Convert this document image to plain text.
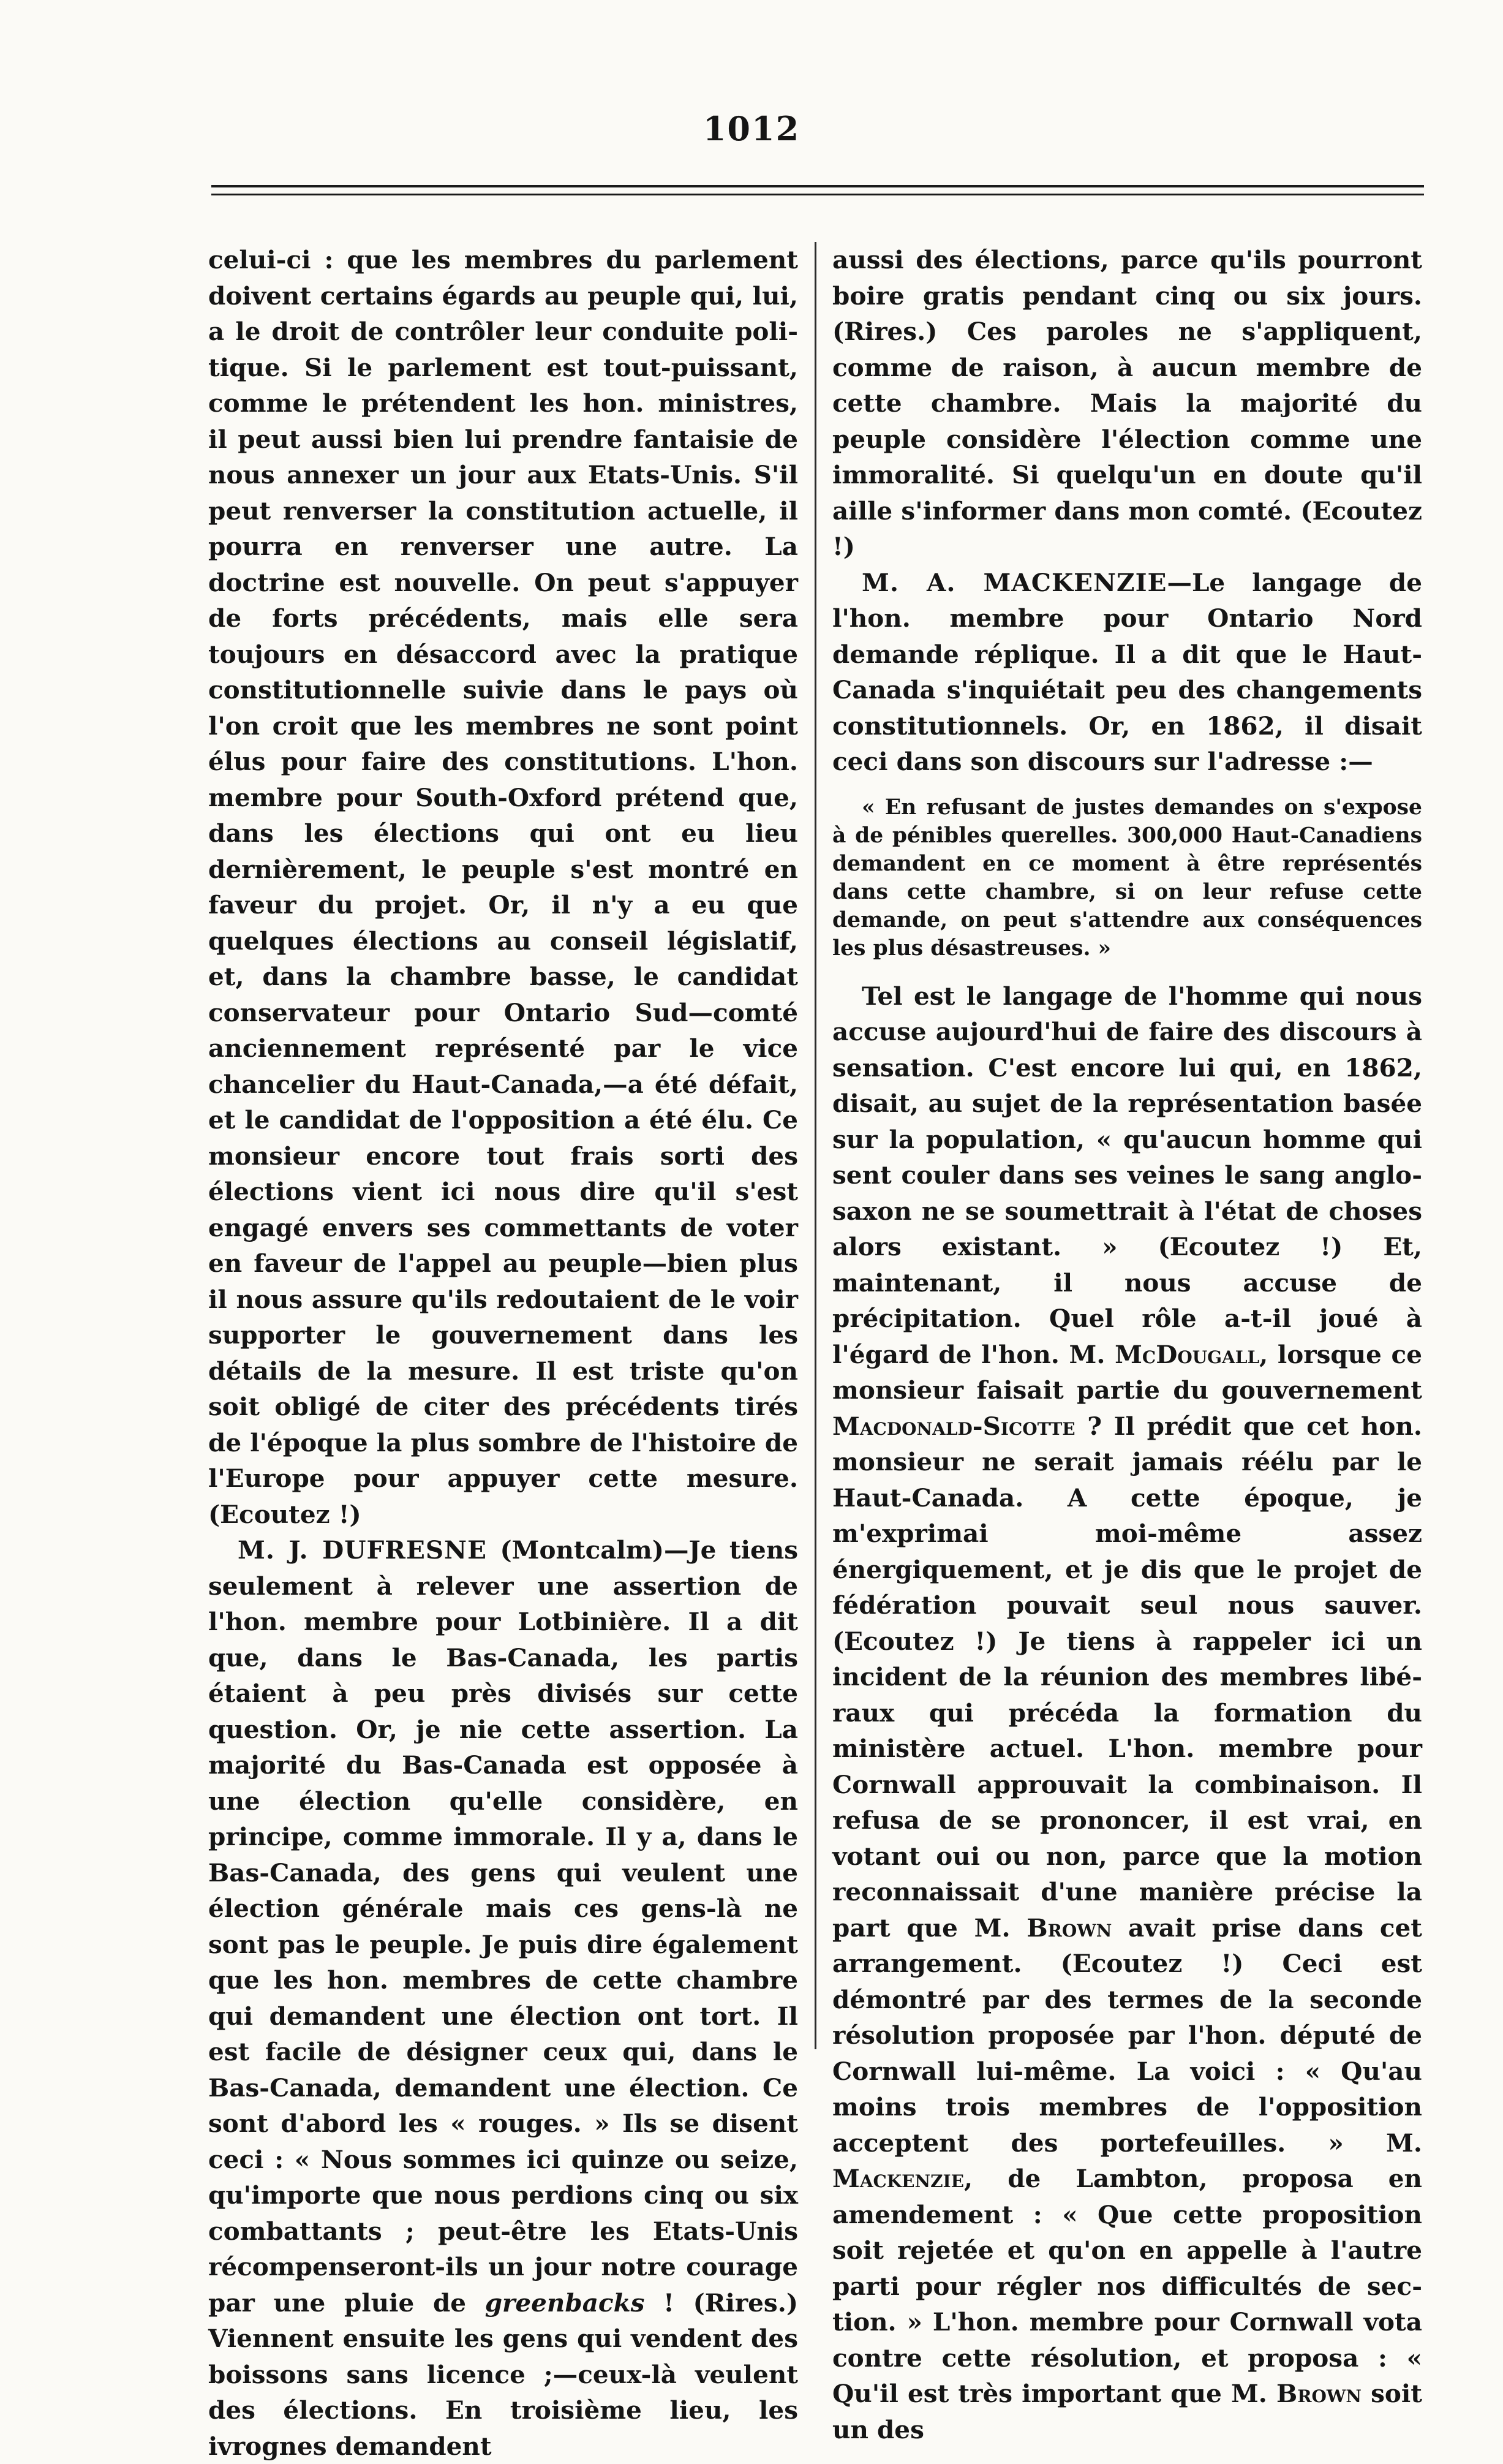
1012

celui-ci : que les membres du parlement doivent certains égards au peuple qui, lui, a le droit de contrôler leur conduite politique. Si le parlement est tout-puissant, comme le prétendent les hon. ministres, il peut aussi bien lui prendre fantaisie de nous annexer un jour aux Etats-Unis. S'il peut renverser la constitution actuelle, il pourra en renverser une autre. La doctrine est nouvelle. On peut s'appuyer de forts précédents, mais elle sera toujours en désaccord avec la pratique constitutionnelle suivie dans le pays où l'on croit que les membres ne sont point élus pour faire des constitutions. L'hon. membre pour South-Oxford prétend que, dans les élections qui ont eu lieu dernièrement, le peuple s'est montré en faveur du projet. Or, il n'y a eu que quelques élections au conseil législatif, et, dans la chambre basse, le candidat conservateur pour Ontario Sud—comté anciennement représenté par le vice chancelier du Haut-Canada,—a été défait, et le candidat de l'opposition a été élu. Ce monsieur encore tout frais sorti des élections vient ici nous dire qu'il s'est engagé envers ses commettants de voter en faveur de l'appel au peuple—bien plus il nous assure qu'ils redoutaient de le voir supporter le gouvernement dans les détails de la mesure. Il est triste qu'on soit obligé de citer des précédents tirés de l'époque la plus sombre de l'histoire de l'Europe pour appuyer cette mesure. (Ecoutez !)

M. J. DUFRESNE (Montcalm)—Je tiens seulement à relever une assertion de l'hon. membre pour Lotbinière. Il a dit que, dans le Bas-Canada, les partis étaient à peu près divisés sur cette question. Or, je nie cette assertion. La majorité du Bas-Canada est opposée à une élection qu'elle considère, en principe, comme immorale. Il y a, dans le Bas-Canada, des gens qui veulent une élection générale mais ces gens-là ne sont pas le peuple. Je puis dire également que les hon. membres de cette chambre qui demandent une élection ont tort. Il est facile de désigner ceux qui, dans le Bas-Canada, demandent une élection. Ce sont d'abord les « rouges. » Ils se disent ceci : « Nous sommes ici quinze ou seize, qu'importe que nous perdions cinq ou six combattants ; peut-être les Etats-Unis récompenseront-ils un jour notre courage par une pluie de greenbacks ! (Rires.) Viennent ensuite les gens qui vendent des boissons sans licence ;—ceux-là veulent des élections. En troisième lieu, les ivrognes demandent

aussi des élections, parce qu'ils pourront boire gratis pendant cinq ou six jours. (Rires.) Ces paroles ne s'appliquent, comme de raison, à aucun membre de cette chambre. Mais la majorité du peuple considère l'élection comme une immoralité. Si quelqu'un en doute qu'il aille s'informer dans mon comté. (Ecoutez !)

M. A. MACKENZIE—Le langage de l'hon. membre pour Ontario Nord demande réplique. Il a dit que le Haut-Canada s'inquiétait peu des changements constitutionnels. Or, en 1862, il disait ceci dans son discours sur l'adresse :—

« En refusant de justes demandes on s'expose à de pénibles querelles. 300,000 Haut-Canadiens demandent en ce moment à être représentés dans cette chambre, si on leur refuse cette demande, on peut s'attendre aux conséquences les plus désastreuses. »

Tel est le langage de l'homme qui nous accuse aujourd'hui de faire des discours à sensation. C'est encore lui qui, en 1862, disait, au sujet de la représentation basée sur la population, « qu'aucun homme qui sent couler dans ses veines le sang anglo-saxon ne se soumettrait à l'état de choses alors existant. » (Ecoutez !) Et, maintenant, il nous accuse de précipitation. Quel rôle a-t-il joué à l'égard de l'hon. M. McDougall, lorsque ce monsieur faisait partie du gouvernement Macdonald-Sicotte ? Il prédit que cet hon. monsieur ne serait jamais réélu par le Haut-Canada. A cette époque, je m'exprimai moi-même assez énergiquement, et je dis que le projet de fédération pouvait seul nous sauver. (Ecoutez !) Je tiens à rappeler ici un incident de la réunion des membres libéraux qui précéda la formation du ministère actuel. L'hon. membre pour Cornwall approuvait la combinaison. Il refusa de se prononcer, il est vrai, en votant oui ou non, parce que la motion reconnaissait d'une manière précise la part que M. Brown avait prise dans cet arrangement. (Ecoutez !) Ceci est démontré par des termes de la seconde résolution proposée par l'hon. député de Cornwall lui-même. La voici : « Qu'au moins trois membres de l'opposition acceptent des portefeuilles. » M. Mackenzie, de Lambton, proposa en amendement : « Que cette proposition soit rejetée et qu'on en appelle à l'autre parti pour régler nos difficultés de section. » L'hon. membre pour Cornwall vota contre cette résolution, et proposa : « Qu'il est très important que M. Brown soit un des
